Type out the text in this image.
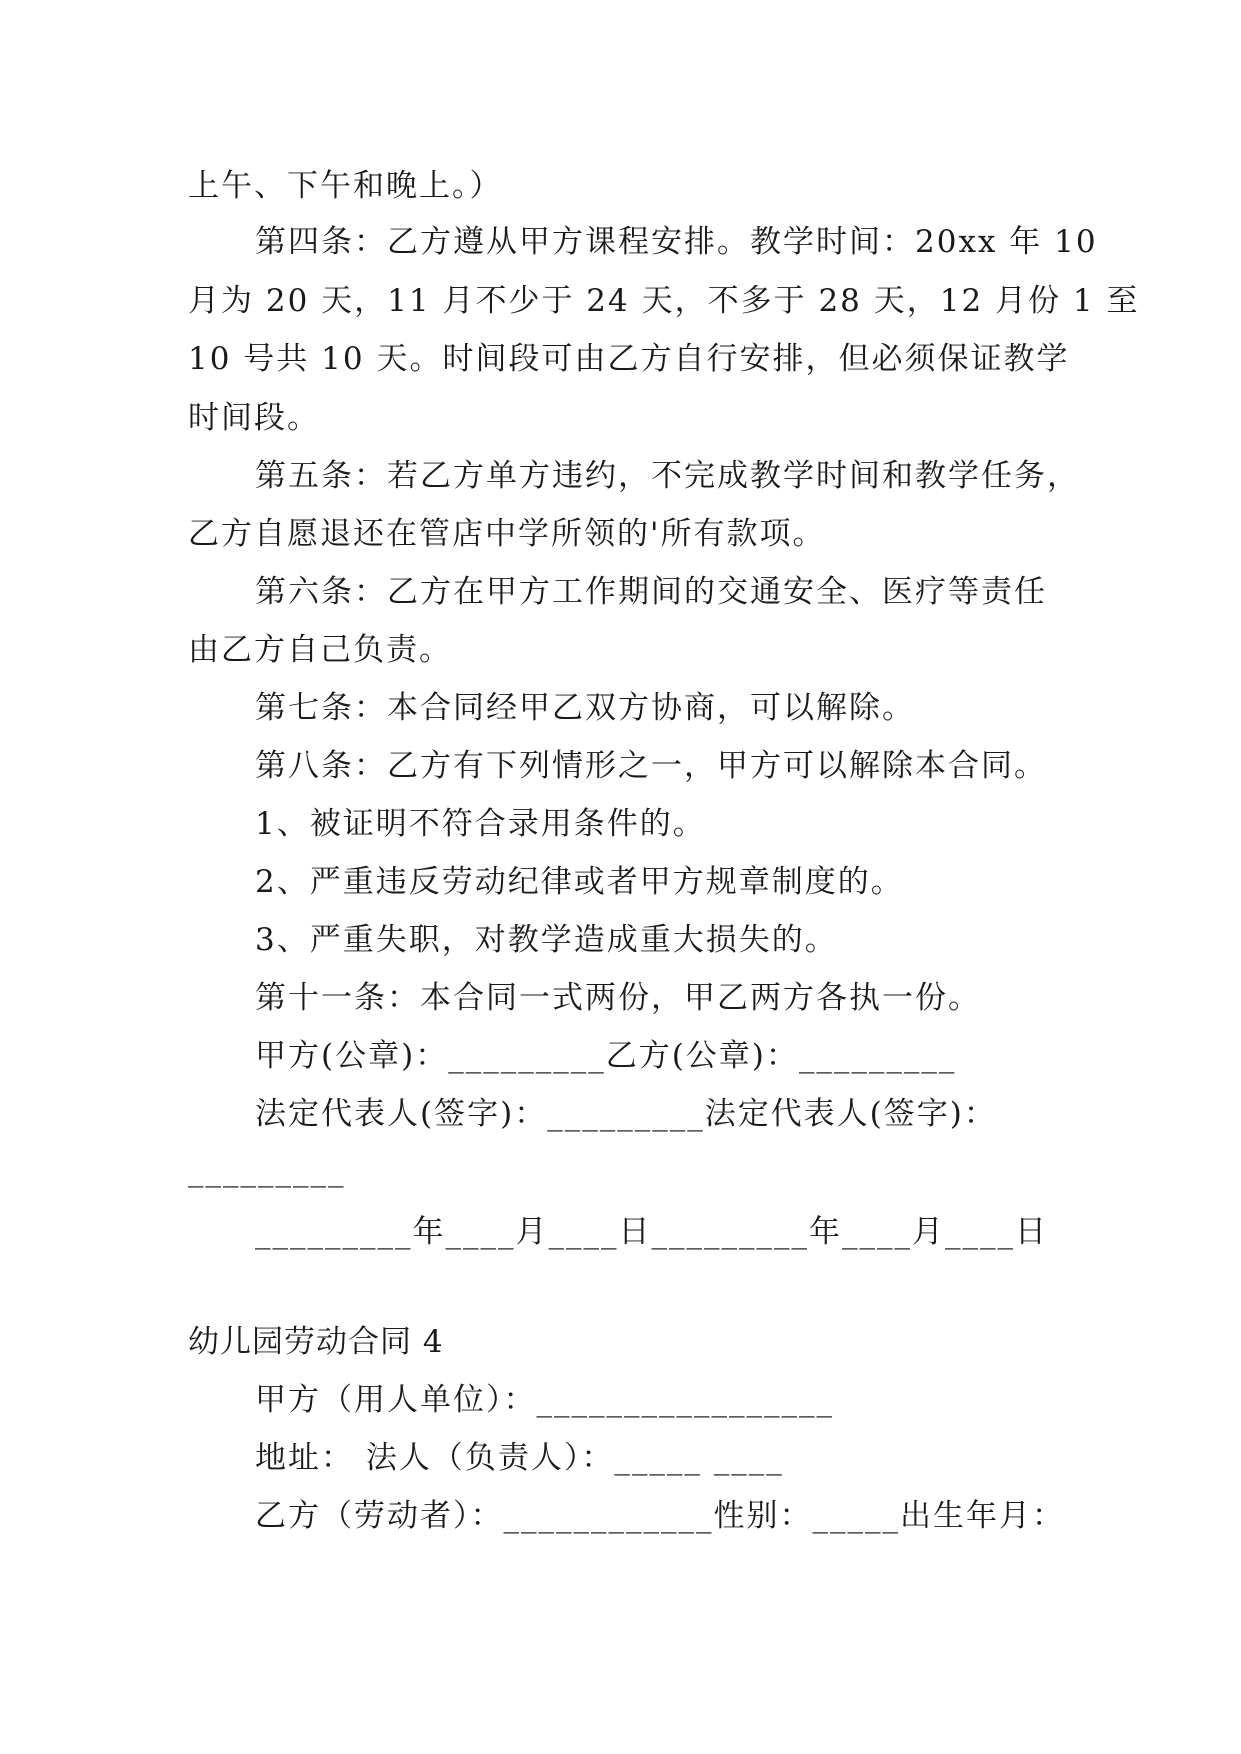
上午、下午和晚上。）
第四条：乙方遵从甲方课程安排。教学时间：20xx 年 10
月为 20 天，11 月不少于 24 天，不多于 28 天，12 月份 1 至
10 号共 10 天。时间段可由乙方自行安排，但必须保证教学
时间段。
第五条：若乙方单方违约，不完成教学时间和教学任务，
乙方自愿退还在管店中学所领的'所有款项。
第六条：乙方在甲方工作期间的交通安全、医疗等责任
由乙方自己负责。
第七条：本合同经甲乙双方协商，可以解除。
第八条：乙方有下列情形之一，甲方可以解除本合同。
1、被证明不符合录用条件的。
2、严重违反劳动纪律或者甲方规章制度的。
3、严重失职，对教学造成重大损失的。
第十一条：本合同一式两份，甲乙两方各执一份。
甲方(公章)：_________乙方(公章)：_________
法定代表人(签字)：_________法定代表人(签字)：
_________
_________年____月____日_________年____月____日
幼儿园劳动合同 4
甲方（用人单位）：_________________
地址： 法人（负责人）：_____ ____
乙方（劳动者）：____________性别：_____出生年月：
